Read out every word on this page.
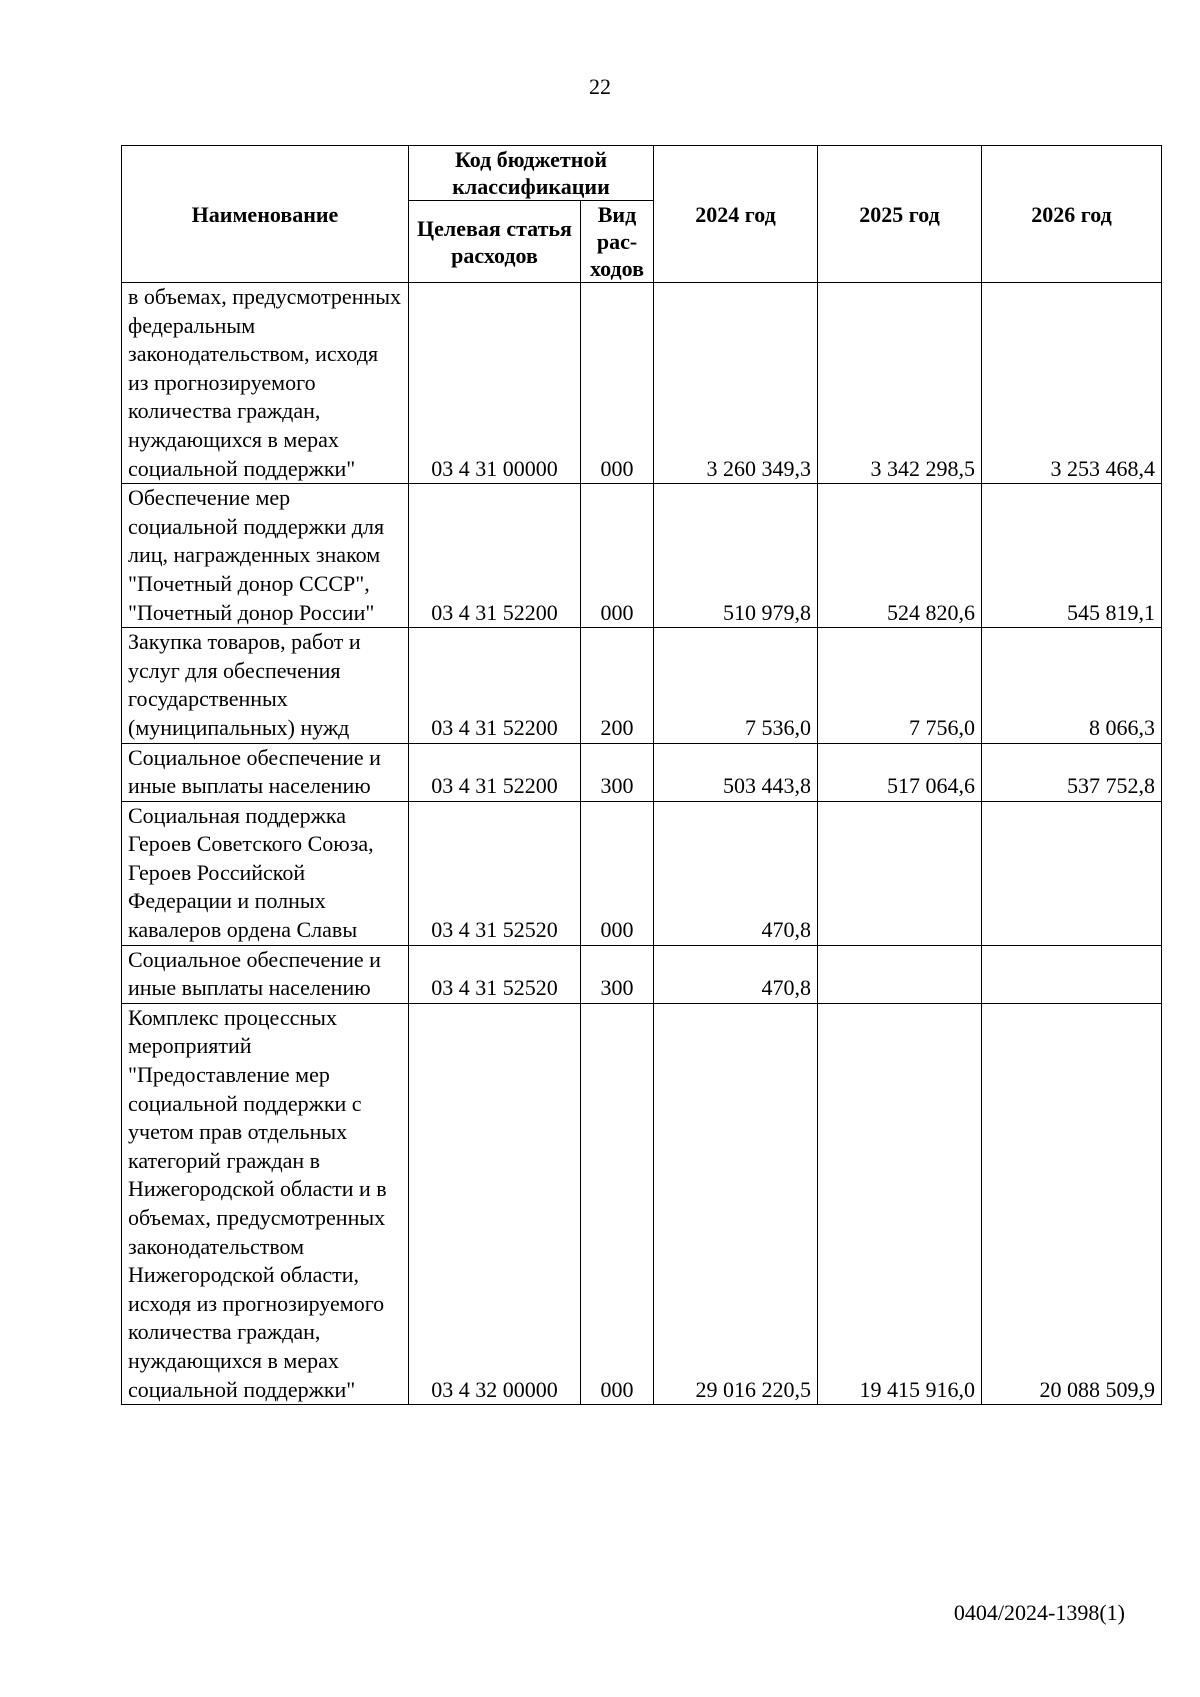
22
Наименование	Код бюджетной классификации		2024 год	2025 год	2026 год
	Целевая статья расходов	Вид рас-ходов			
в объемах, предусмотренных федеральным законодательством, исходя из прогнозируемого количества граждан, нуждающихся в мерах социальной поддержки"	03 4 31 00000	000	3 260 349,3	3 342 298,5	3 253 468,4
Обеспечение мер социальной поддержки для лиц, награжденных знаком "Почетный донор СССР", "Почетный донор России"	03 4 31 52200	000	510 979,8	524 820,6	545 819,1
Закупка товаров, работ и услуг для обеспечения государственных (муниципальных) нужд	03 4 31 52200	200	7 536,0	7 756,0	8 066,3
Социальное обеспечение и иные выплаты населению	03 4 31 52200	300	503 443,8	517 064,6	537 752,8
Социальная поддержка Героев Советского Союза, Героев Российской Федерации и полных кавалеров ордена Славы	03 4 31 52520	000	470,8		
Социальное обеспечение и иные выплаты населению	03 4 31 52520	300	470,8		
Комплекс процессных мероприятий "Предоставление мер социальной поддержки с учетом прав отдельных категорий граждан в Нижегородской области и в объемах, предусмотренных законодательством Нижегородской области, исходя из прогнозируемого количества граждан, нуждающихся в мерах социальной поддержки"	03 4 32 00000	000	29 016 220,5	19 415 916,0	20 088 509,9
0404/2024-1398(1)
